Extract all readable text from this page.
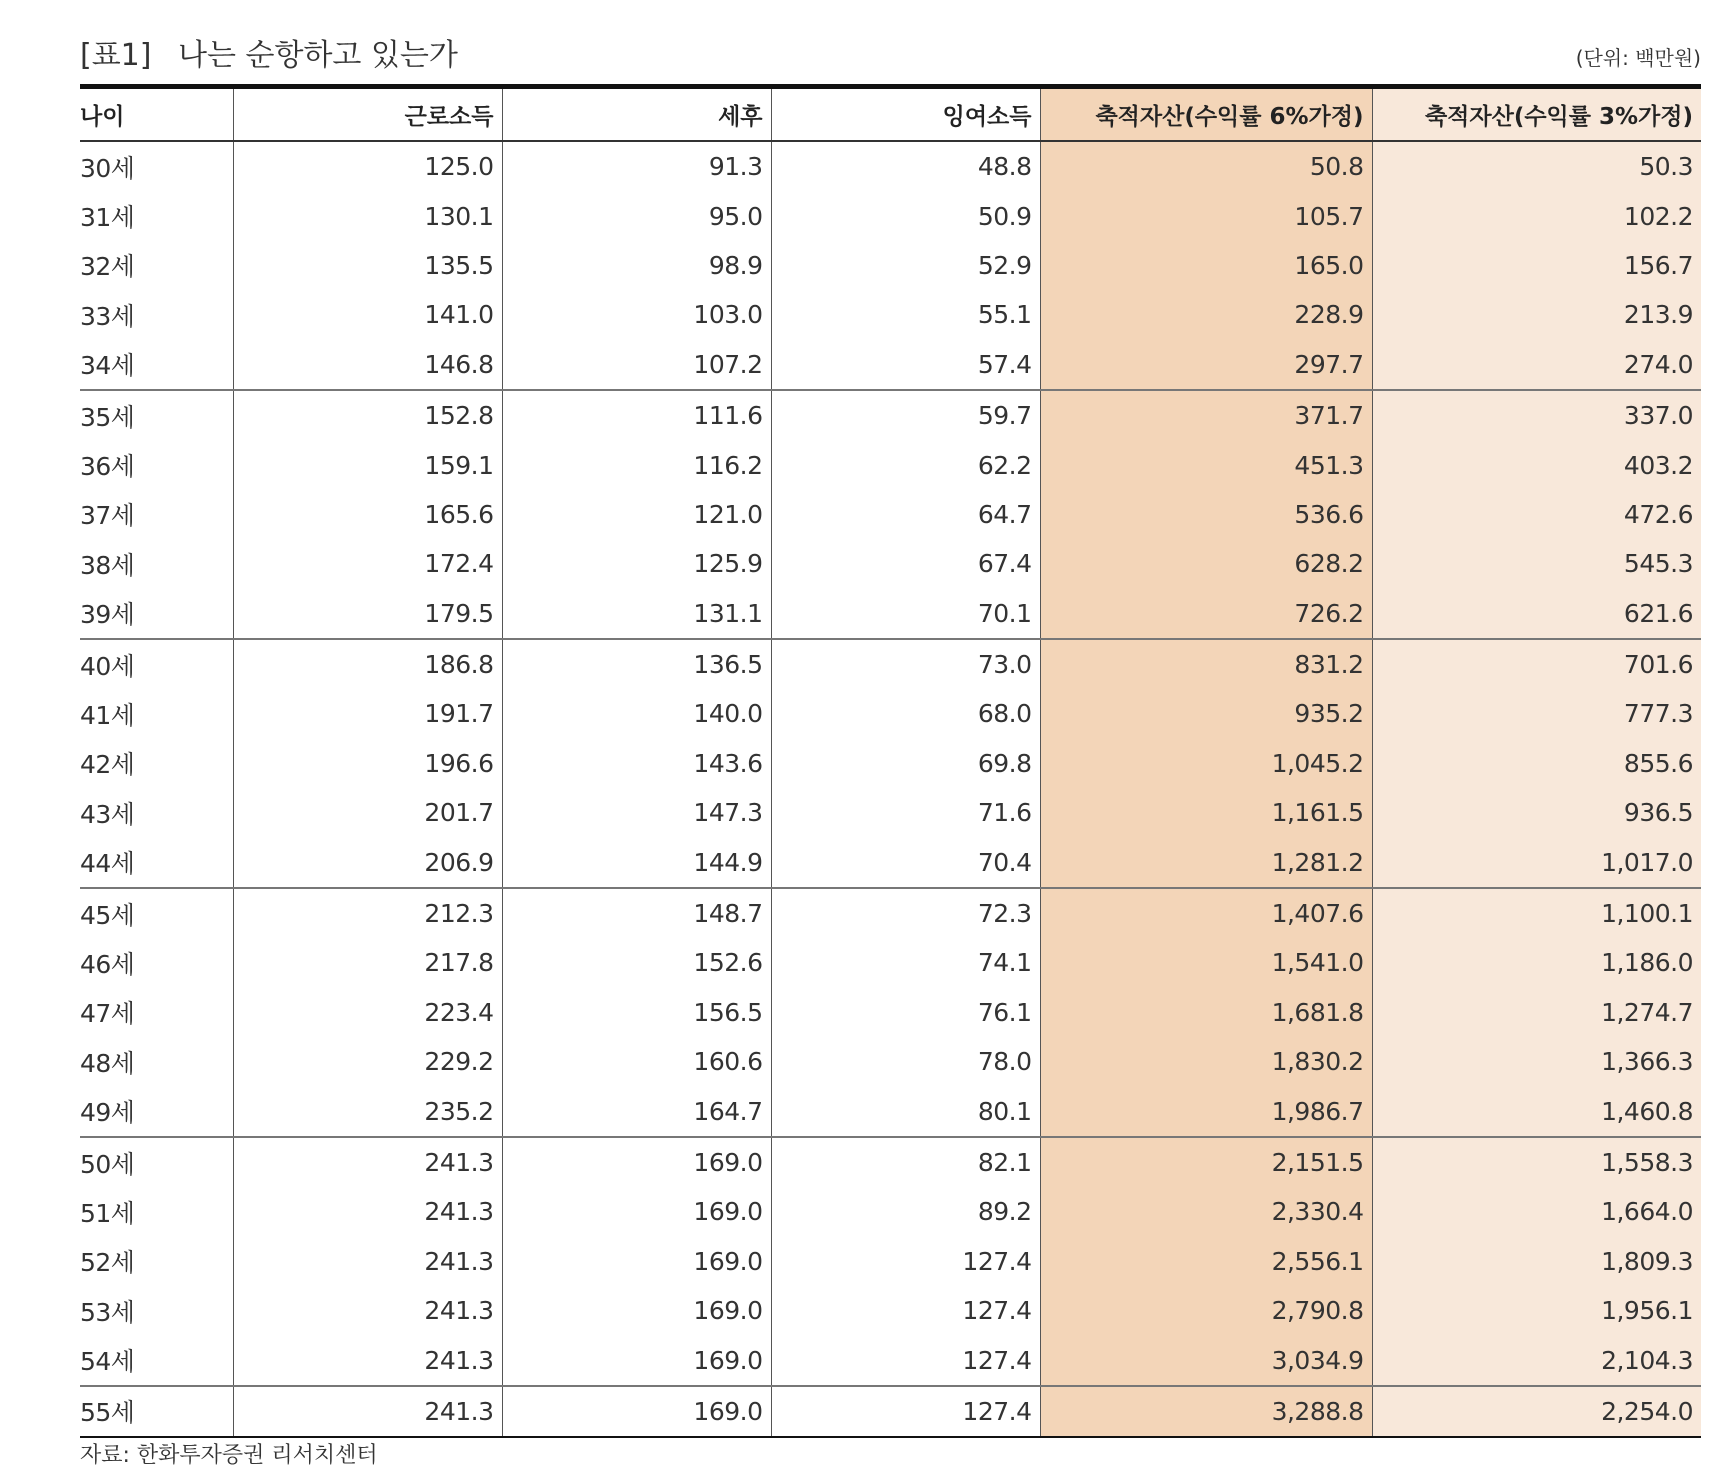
[표1] 나는 순항하고 있는가	(단위: 백만원)
나이	근로소득	세후	잉여소득	축적자산(수익률 6%가정)	축적자산(수익률 3%가정)
30세	125.0	91.3	48.8	50.8	50.3
31세	130.1	95.0	50.9	105.7	102.2
32세	135.5	98.9	52.9	165.0	156.7
33세	141.0	103.0	55.1	228.9	213.9
34세	146.8	107.2	57.4	297.7	274.0
35세	152.8	111.6	59.7	371.7	337.0
36세	159.1	116.2	62.2	451.3	403.2
37세	165.6	121.0	64.7	536.6	472.6
38세	172.4	125.9	67.4	628.2	545.3
39세	179.5	131.1	70.1	726.2	621.6
40세	186.8	136.5	73.0	831.2	701.6
41세	191.7	140.0	68.0	935.2	777.3
42세	196.6	143.6	69.8	1,045.2	855.6
43세	201.7	147.3	71.6	1,161.5	936.5
44세	206.9	144.9	70.4	1,281.2	1,017.0
45세	212.3	148.7	72.3	1,407.6	1,100.1
46세	217.8	152.6	74.1	1,541.0	1,186.0
47세	223.4	156.5	76.1	1,681.8	1,274.7
48세	229.2	160.6	78.0	1,830.2	1,366.3
49세	235.2	164.7	80.1	1,986.7	1,460.8
50세	241.3	169.0	82.1	2,151.5	1,558.3
51세	241.3	169.0	89.2	2,330.4	1,664.0
52세	241.3	169.0	127.4	2,556.1	1,809.3
53세	241.3	169.0	127.4	2,790.8	1,956.1
54세	241.3	169.0	127.4	3,034.9	2,104.3
55세	241.3	169.0	127.4	3,288.8	2,254.0
자료: 한화투자증권 리서치센터
